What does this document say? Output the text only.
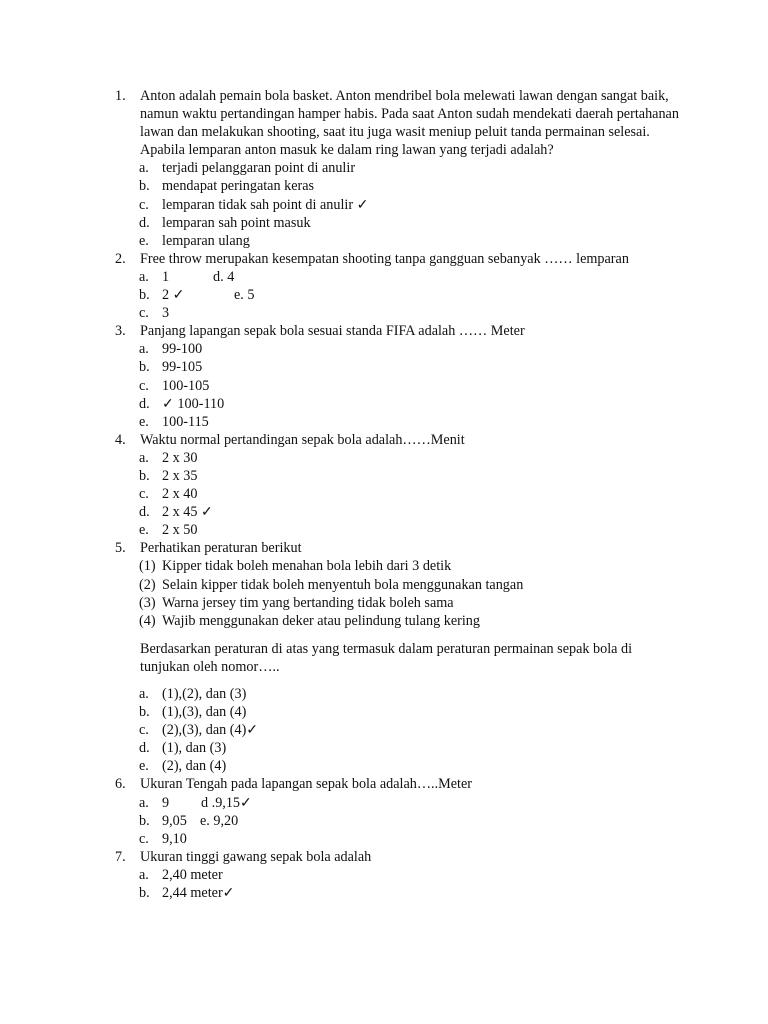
1. Anton adalah pemain bola basket. Anton mendribel bola melewati lawan dengan sangat baik, namun waktu pertandingan hamper habis. Pada saat Anton sudah mendekati daerah pertahanan lawan dan melakukan shooting, saat itu juga wasit meniup peluit tanda permainan selesai. Apabila lemparan anton masuk ke dalam ring lawan yang terjadi adalah?
a. terjadi pelanggaran point di anulir
b. mendapat peringatan keras
c. lemparan tidak sah point di anulir ✓
d. lemparan sah point masuk
e. lemparan ulang
2. Free throw merupakan kesempatan shooting tanpa gangguan sebanyak …… lemparan
a. 1	d. 4
b. 2 ✓	e. 5
c. 3
3. Panjang lapangan sepak bola sesuai standa FIFA adalah …… Meter
a. 99-100
b. 99-105
c. 100-105
d. ✓ 100-110
e. 100-115
4. Waktu normal pertandingan sepak bola adalah……Menit
a. 2 x 30
b. 2 x 35
c. 2 x 40
d. 2 x 45 ✓
e. 2 x 50
5. Perhatikan peraturan berikut
(1) Kipper tidak boleh menahan bola lebih dari 3 detik
(2) Selain kipper tidak boleh menyentuh bola menggunakan tangan
(3) Warna jersey tim yang bertanding tidak boleh sama
(4) Wajib menggunakan deker atau pelindung tulang kering
Berdasarkan peraturan di atas yang termasuk dalam peraturan permainan sepak bola di tunjukan oleh nomor…..
a. (1),(2), dan (3)
b. (1),(3), dan (4)
c. (2),(3), dan (4)✓
d. (1), dan (3)
e. (2), dan (4)
6. Ukuran Tengah pada lapangan sepak bola adalah…..Meter
a. 9 d .9,15✓
b. 9,05 e. 9,20
c. 9,10
7. Ukuran tinggi gawang sepak bola adalah
a. 2,40 meter
b. 2,44 meter✓
